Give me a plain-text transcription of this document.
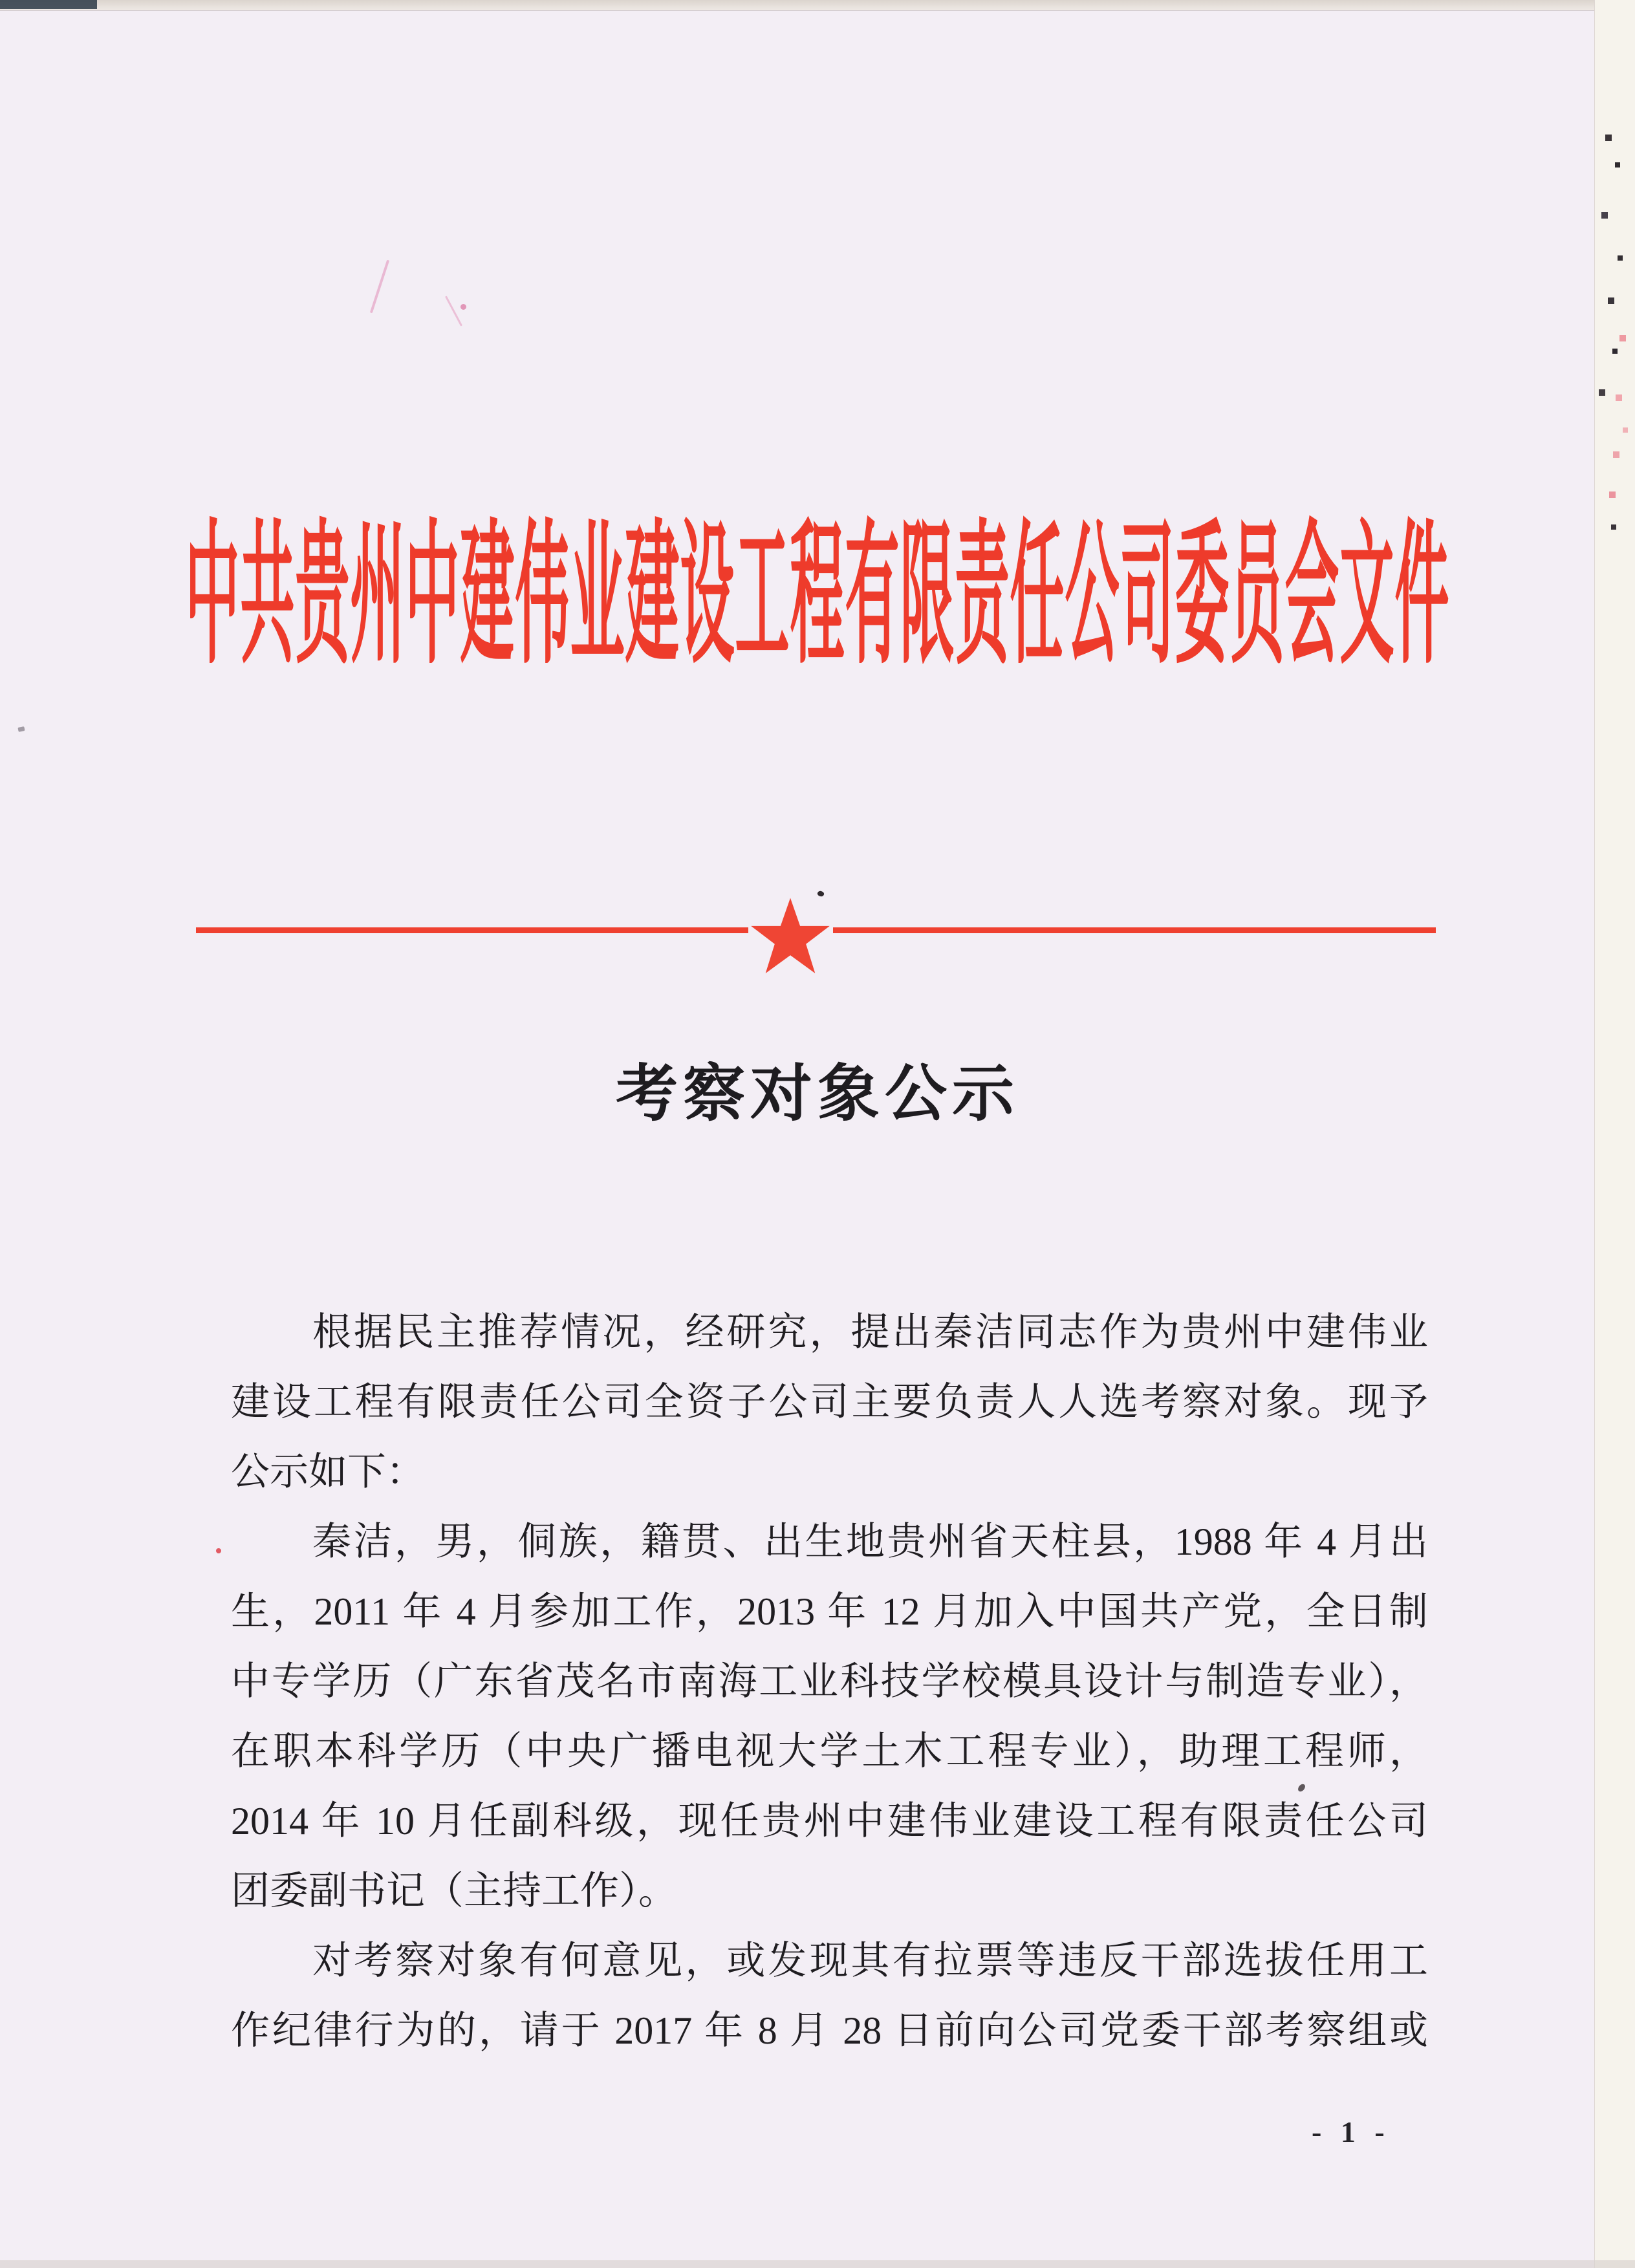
中共贵州中建伟业建设工程有限责任公司委员会文件
考察对象公示
根据民主推荐情况，经研究，提出秦洁同志作为贵州中建伟业
建设工程有限责任公司全资子公司主要负责人人选考察对象。现予
公示如下：
秦洁，男，侗族，籍贯、出生地贵州省天柱县，1988 年 4 月出
生，2011 年 4 月参加工作，2013 年 12 月加入中国共产党，全日制
中专学历（广东省茂名市南海工业科技学校模具设计与制造专业），
在职本科学历（中央广播电视大学土木工程专业），助理工程师，
2014 年 10 月任副科级，现任贵州中建伟业建设工程有限责任公司
团委副书记（主持工作）。
对考察对象有何意见，或发现其有拉票等违反干部选拔任用工
作纪律行为的，请于 2017 年 8 月 28 日前向公司党委干部考察组或
- 1 -
